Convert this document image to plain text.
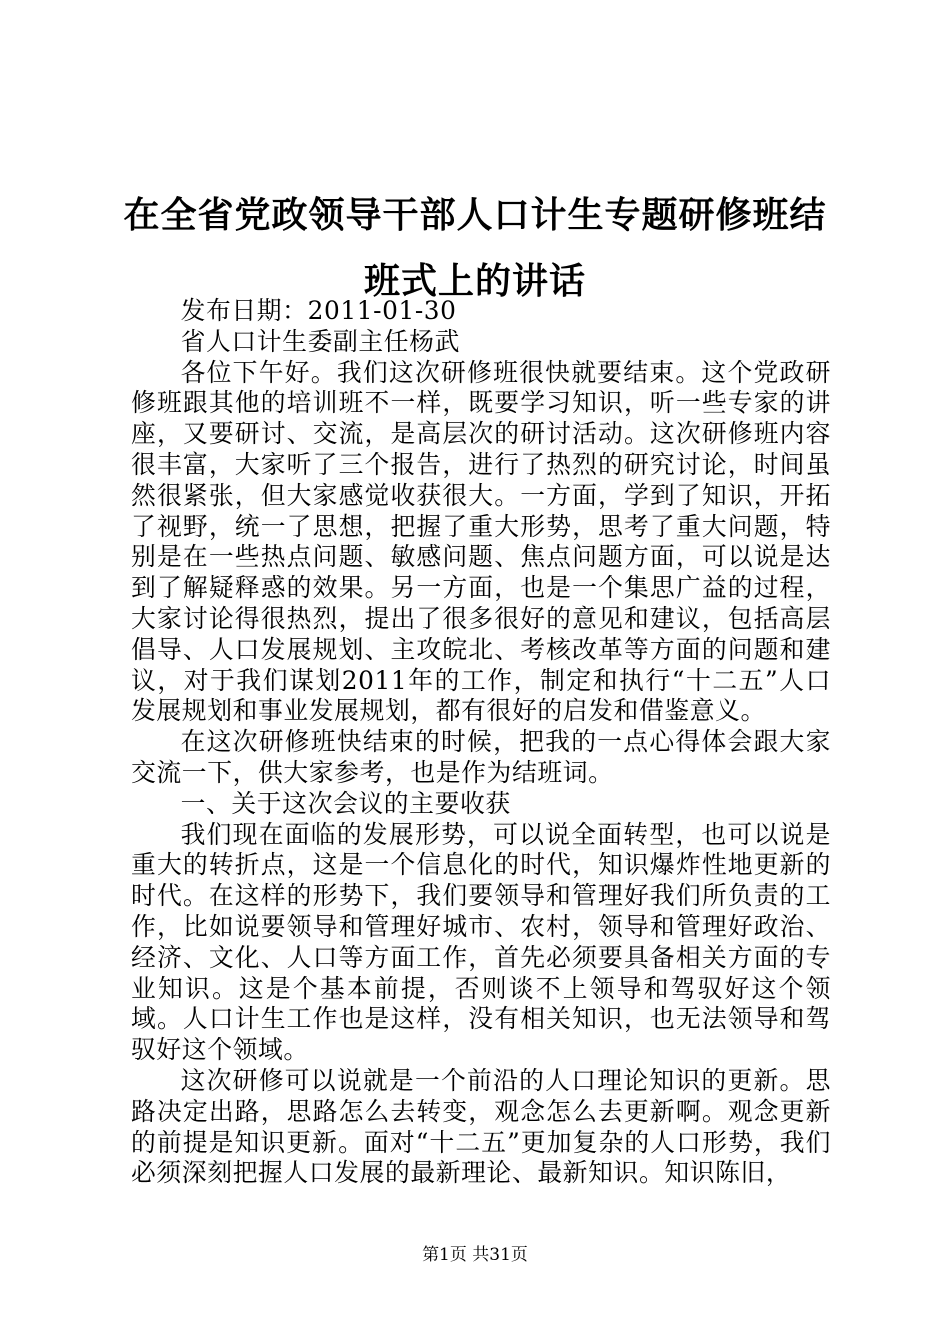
在全省党政领导干部人口计生专题研修班结班式上的讲话

发布日期：2011-01-30

省人口计生委副主任杨武

各位下午好。我们这次研修班很快就要结束。这个党政研修班跟其他的培训班不一样，既要学习知识，听一些专家的讲座，又要研讨、交流，是高层次的研讨活动。这次研修班内容很丰富，大家听了三个报告，进行了热烈的研究讨论，时间虽然很紧张，但大家感觉收获很大。一方面，学到了知识，开拓了视野，统一了思想，把握了重大形势，思考了重大问题，特别是在一些热点问题、敏感问题、焦点问题方面，可以说是达到了解疑释惑的效果。另一方面，也是一个集思广益的过程，大家讨论得很热烈，提出了很多很好的意见和建议，包括高层倡导、人口发展规划、主攻皖北、考核改革等方面的问题和建议，对于我们谋划2011年的工作，制定和执行“十二五”人口发展规划和事业发展规划，都有很好的启发和借鉴意义。

在这次研修班快结束的时候，把我的一点心得体会跟大家交流一下，供大家参考，也是作为结班词。

一、关于这次会议的主要收获

我们现在面临的发展形势，可以说全面转型，也可以说是重大的转折点，这是一个信息化的时代，知识爆炸性地更新的时代。在这样的形势下，我们要领导和管理好我们所负责的工作，比如说要领导和管理好城市、农村，领导和管理好政治、经济、文化、人口等方面工作，首先必须要具备相关方面的专业知识。这是个基本前提，否则谈不上领导和驾驭好这个领域。人口计生工作也是这样，没有相关知识，也无法领导和驾驭好这个领域。

这次研修可以说就是一个前沿的人口理论知识的更新。思路决定出路，思路怎么去转变，观念怎么去更新啊。观念更新的前提是知识更新。面对“十二五”更加复杂的人口形势，我们必须深刻把握人口发展的最新理论、最新知识。知识陈旧，

第1页 共31页
